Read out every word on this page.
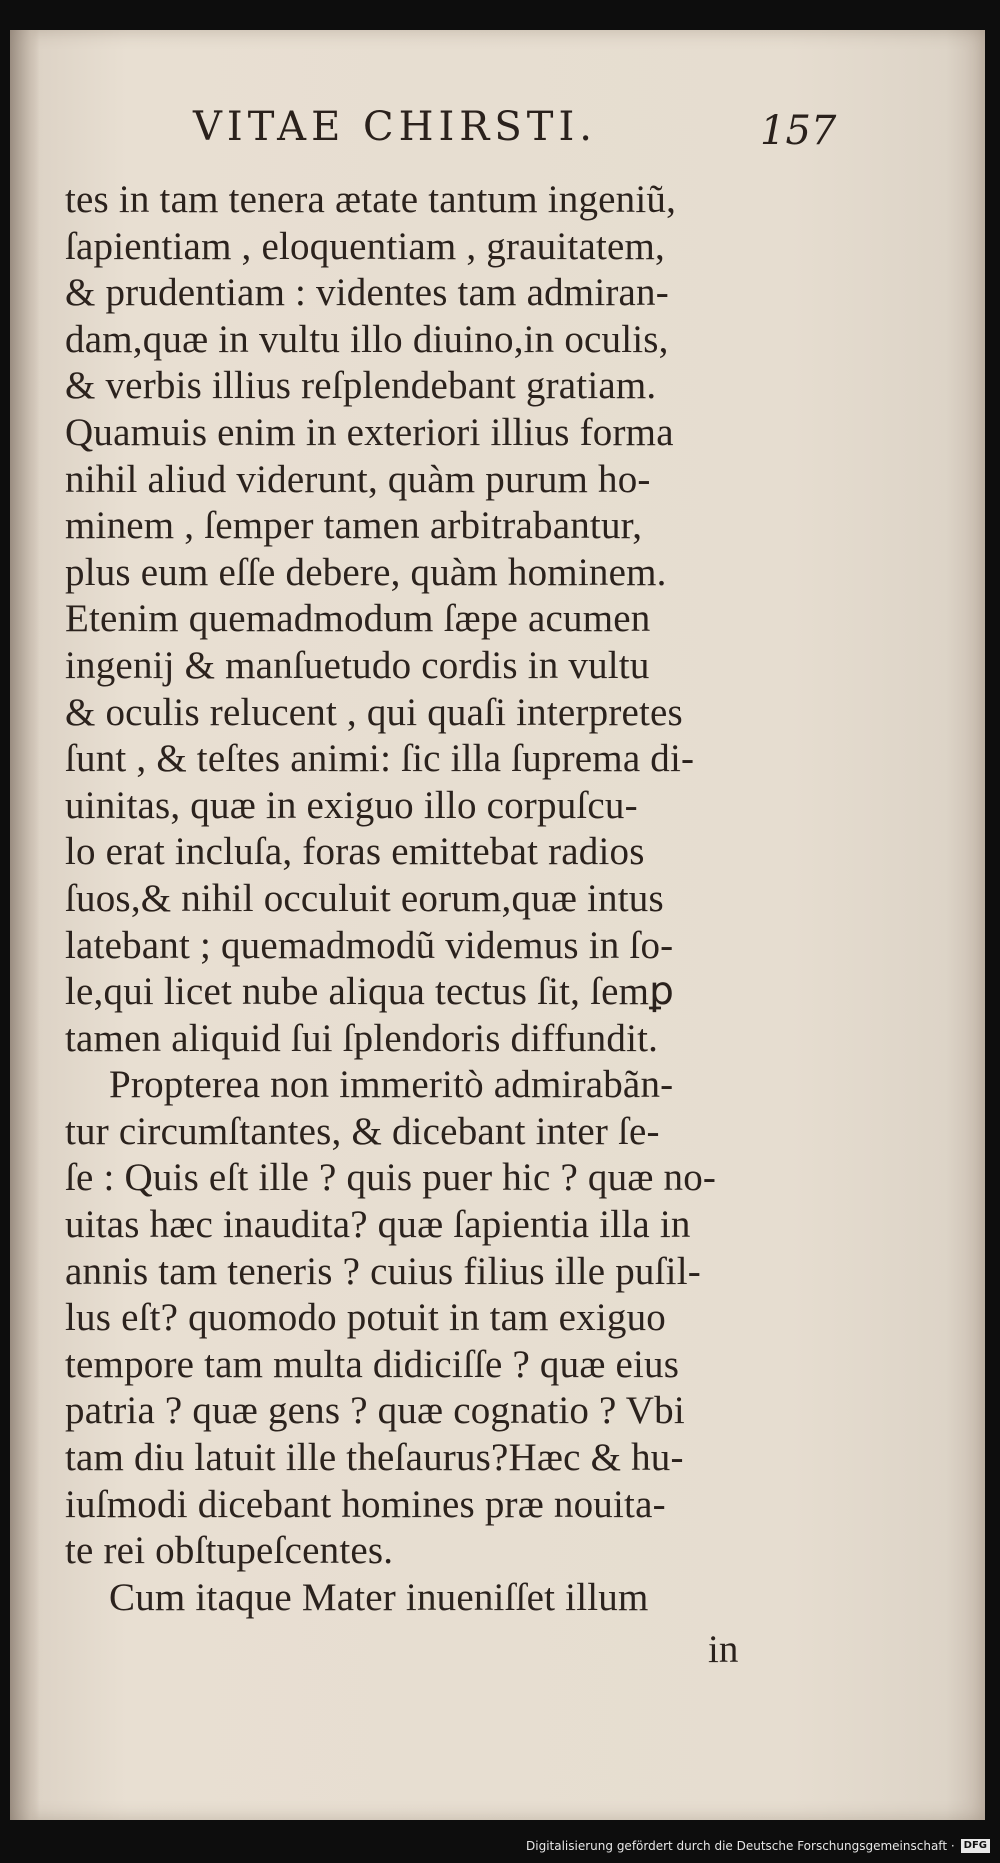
VITAE CHIRSTI.	157
tes in tam tenera ætate tantum ingeniũ,
ſapientiam , eloquentiam , grauitatem,
& prudentiam : videntes tam admiran-
dam,quæ in vultu illo diuino,in oculis,
& verbis illius reſplendebant gratiam.
Quamuis enim in exteriori illius forma
nihil aliud viderunt, quàm purum ho-
minem , ſemper tamen arbitrabantur,
plus eum eſſe debere, quàm hominem.
Etenim quemadmodum ſæpe acumen
ingenij & manſuetudo cordis in vultu
& oculis relucent , qui quaſi interpretes
ſunt , & teſtes animi: ſic illa ſuprema di-
uinitas, quæ in exiguo illo corpuſcu-
lo erat incluſa, foras emittebat radios
ſuos,& nihil occuluit eorum,quæ intus
latebant ; quemadmodũ videmus in ſo-
le,qui licet nube aliqua tectus ſit, ſemꝑ
tamen aliquid ſui ſplendoris diffundit.
Propterea non immeritò admirabãn-
tur circumſtantes, & dicebant inter ſe-
ſe : Quis eſt ille ? quis puer hic ? quæ no-
uitas hæc inaudita? quæ ſapientia illa in
annis tam teneris ? cuius filius ille puſil-
lus eſt? quomodo potuit in tam exiguo
tempore tam multa didiciſſe ? quæ eius
patria ? quæ gens ? quæ cognatio ? Vbi
tam diu latuit ille theſaurus?Hæc & hu-
iuſmodi dicebant homines præ nouita-
te rei obſtupeſcentes.
Cum itaque Mater inueniſſet illum
in
Digitalisierung gefördert durch die Deutsche Forschungsgemeinschaft · DFG
